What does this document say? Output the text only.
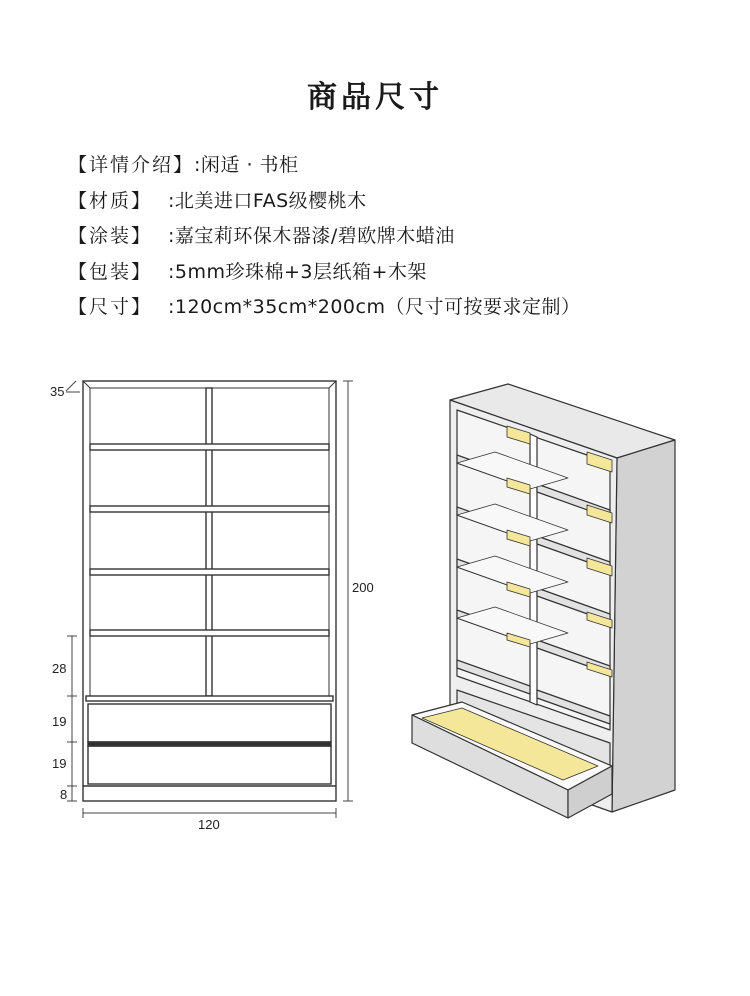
商品尺寸
【详情介绍】 :闲适 · 书柜
【材质】 :北美进口FAS级樱桃木
【涂装】 :嘉宝莉环保木器漆/碧欧牌木蜡油
【包装】 :5mm珍珠棉+3层纸箱+木架
【尺寸】 :120cm*35cm*200cm（尺寸可按要求定制）
35
200
120
28
19
19
8
